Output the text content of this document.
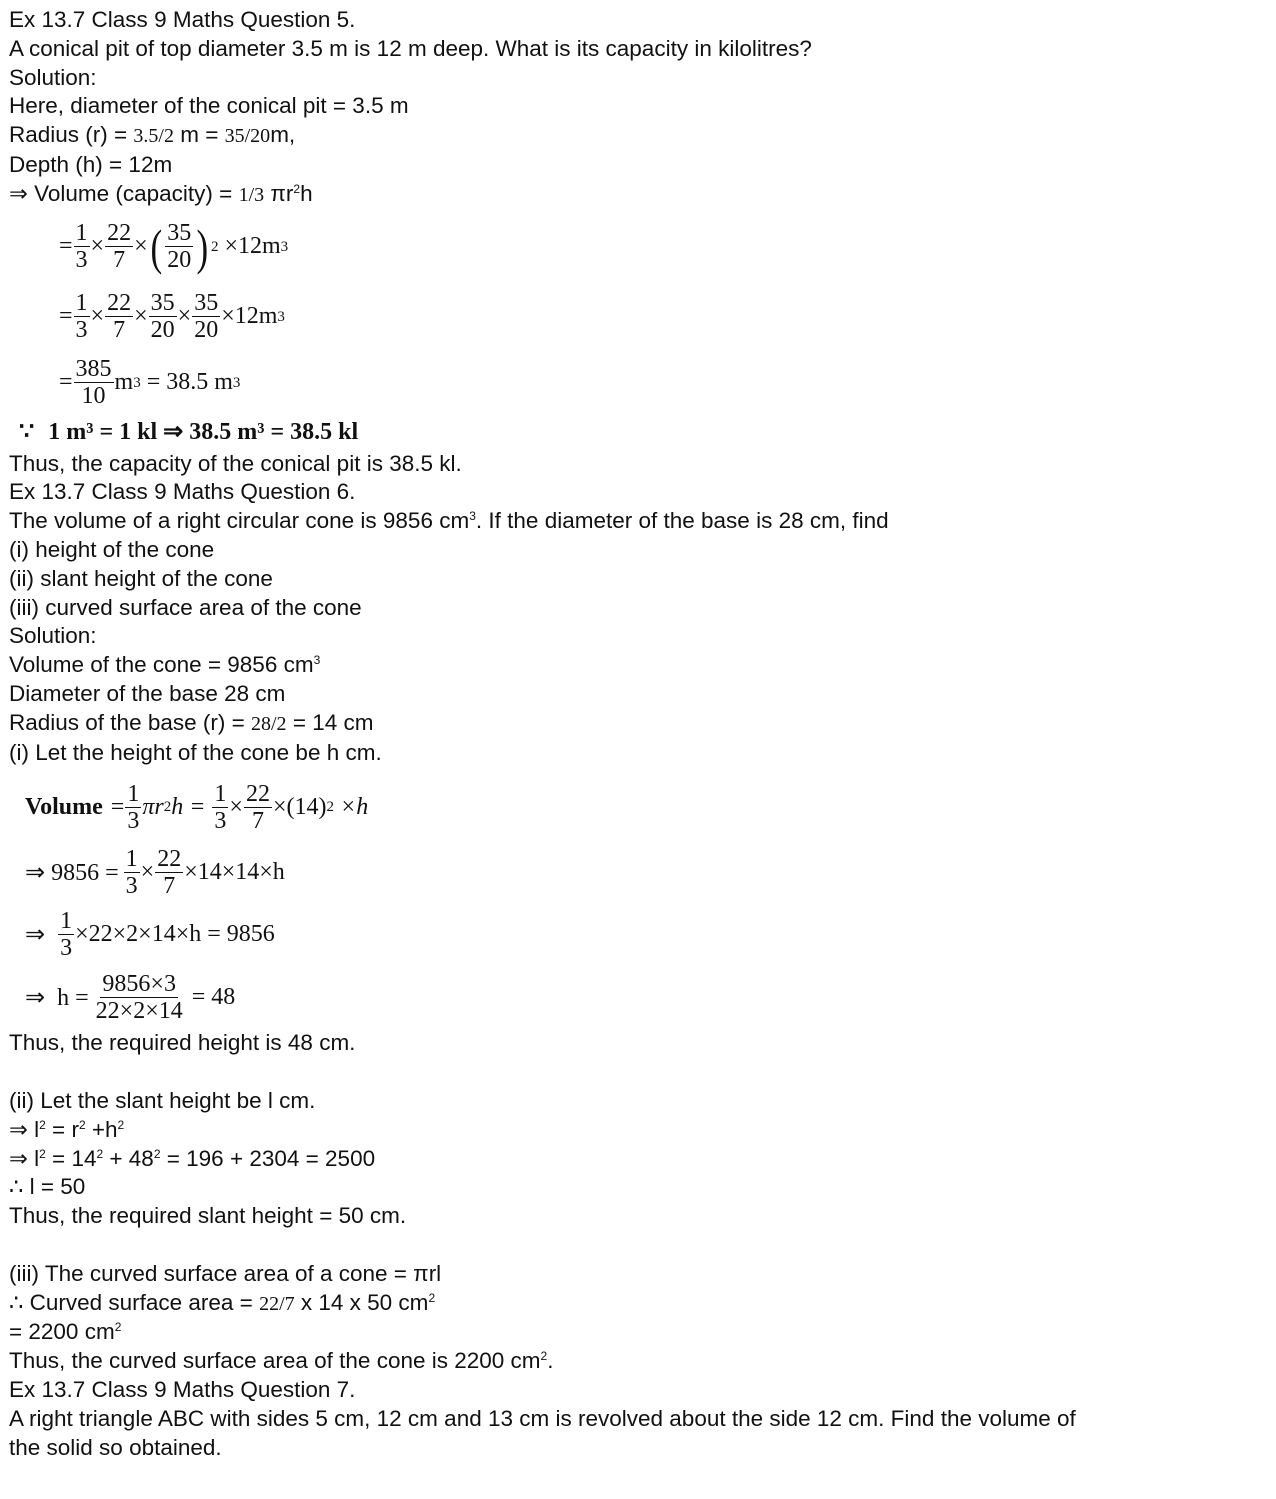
Ex 13.7 Class 9 Maths Question 5.
A conical pit of top diameter 3.5 m is 12 m deep. What is its capacity in kilolitres?
Solution:
Here, diameter of the conical pit = 3.5 m
Radius (r) = 3.5/2 m = 35/20m,
Depth (h) = 12m
⇒ Volume (capacity) = 1/3 $\pi r^2h$
= $\frac{1}{3} \times \frac{22}{7}$ × ( $\frac{35}{20}$ ) 2 ×12m 3
= $\frac{1}{3} \times \frac{22}{7} \times \frac{35}{20} \times \frac{35}{20} \times 12m$ 3
= $\frac{385}{10}$ m 3 = 38.5 m 3
∵ 1 m³ = 1 kl ⇒ 38.5 m³ = 38.5 kl
Thus, the capacity of the conical pit is 38.5 kl.
Ex 13.7 Class 9 Maths Question 6.
The volume of a right circular cone is 9856 $cm^3$. If the diameter of the base is 28 cm, find
(i) height of the cone
(ii) slant height of the cone
(iii) curved surface area of the cone
Solution:
Volume of the cone = 9856 $cm^3$
Diameter of the base 28 cm
Radius of the base (r) = 28/2 = 14 cm
(i) Let the height of the cone be h cm.
Volume = $\frac{1}{3}$ πr 2 $h = \frac{1}{3} \times \frac{22}{7} \times(14)$ 2 ×h
⇒ $9856 = \frac{1}{3} \times \frac{22}{7} \times 14\times 14\times h$
⇒ $\frac{1}{3} \times 22\times 2\times 14\times h = 9856$
⇒  $h = \frac{9856\times 3}{22\times 2\times 14} = 48$
Thus, the required height is 48 cm.
(ii) Let the slant height be l cm.
⇒ $l^2 = r^2 +h^2$
⇒ $l^2 = 14^2 + 48^2 = 196 + 2304 = 2500$
∴ l = 50
Thus, the required slant height = 50 cm.
(iii) The curved surface area of a cone = πrl
∴ Curved surface area = 22/7 x 14 x 50 $cm^2$
= 2200 $cm^2$
Thus, the curved surface area of the cone is 2200 $cm^2$.
Ex 13.7 Class 9 Maths Question 7.
A right triangle ABC with sides 5 cm, 12 cm and 13 cm is revolved about the side 12 cm. Find the volume of the solid so obtained.
